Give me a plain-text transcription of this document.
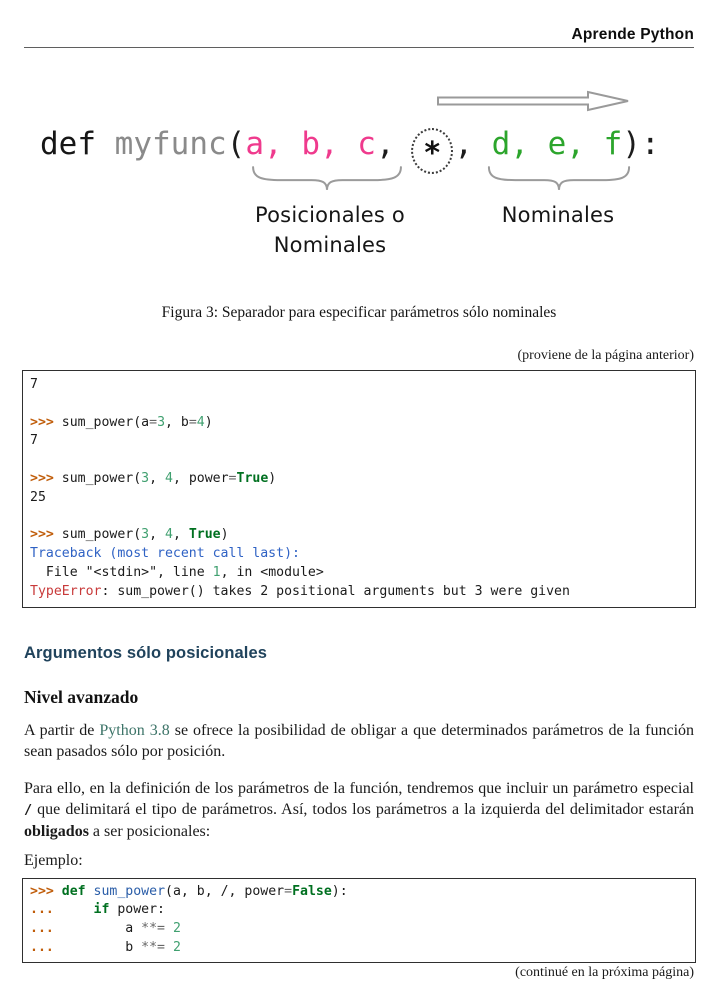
Aprende Python
def myfunc(a, b, c, * , d, e, f):
Posicionales o
Nominales
Nominales
Figura 3: Separador para especificar parámetros sólo nominales
(proviene de la página anterior)
7

>>> sum_power(a=3, b=4)
7

>>> sum_power(3, 4, power=True)
25

>>> sum_power(3, 4, True)
Traceback (most recent call last):
File "<stdin>", line 1, in <module>
TypeError: sum_power() takes 2 positional arguments but 3 were given
Argumentos sólo posicionales
Nivel avanzado
A partir de Python 3.8 se ofrece la posibilidad de obligar a que determinados parámetros de la función sean pasados sólo por posición.
Para ello, en la definición de los parámetros de la función, tendremos que incluir un parámetro especial / que delimitará el tipo de parámetros. Así, todos los parámetros a la izquierda del delimitador estarán obligados a ser posicionales:
Ejemplo:
>>> def sum_power(a, b, /, power=False):
...     if power:
...         a **= 2
...         b **= 2
(continué en la próxima página)
